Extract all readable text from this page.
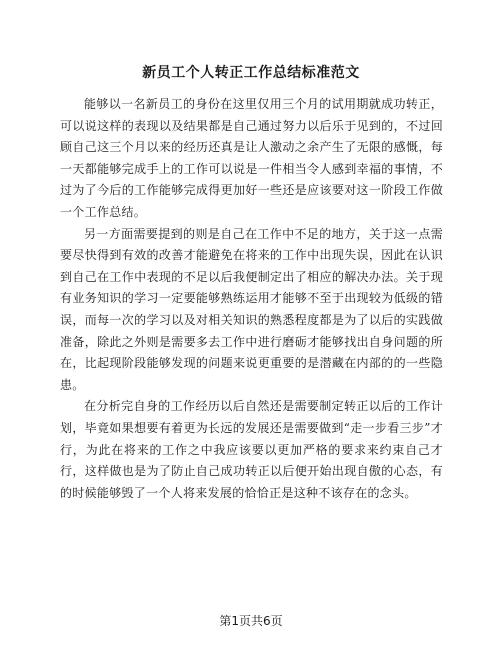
新员工个人转正工作总结标准范文

能够以一名新员工的身份在这里仅用三个月的试用期就成功转正，可以说这样的表现以及结果都是自己通过努力以后乐于见到的，不过回顾自己这三个月以来的经历还真是让人激动之余产生了无限的感慨，每一天都能够完成手上的工作可以说是一件相当令人感到幸福的事情，不过为了今后的工作能够完成得更加好一些还是应该要对这一阶段工作做一个工作总结。

另一方面需要提到的则是自己在工作中不足的地方，关于这一点需要尽快得到有效的改善才能避免在将来的工作中出现失误，因此在认识到自己在工作中表现的不足以后我便制定出了相应的解决办法。关于现有业务知识的学习一定要能够熟练运用才能够不至于出现较为低级的错误，而每一次的学习以及对相关知识的熟悉程度都是为了以后的实践做准备，除此之外则是需要多去工作中进行磨砺才能够找出自身问题的所在，比起现阶段能够发现的问题来说更重要的是潜藏在内部的的一些隐患。

在分析完自身的工作经历以后自然还是需要制定转正以后的工作计划，毕竟如果想要有着更为长远的发展还是需要做到“走一步看三步”才行，为此在将来的工作之中我应该要以更加严格的要求来约束自己才行，这样做也是为了防止自己成功转正以后便开始出现自傲的心态，有的时候能够毁了一个人将来发展的恰恰正是这种不该存在的念头。

第1页共6页
